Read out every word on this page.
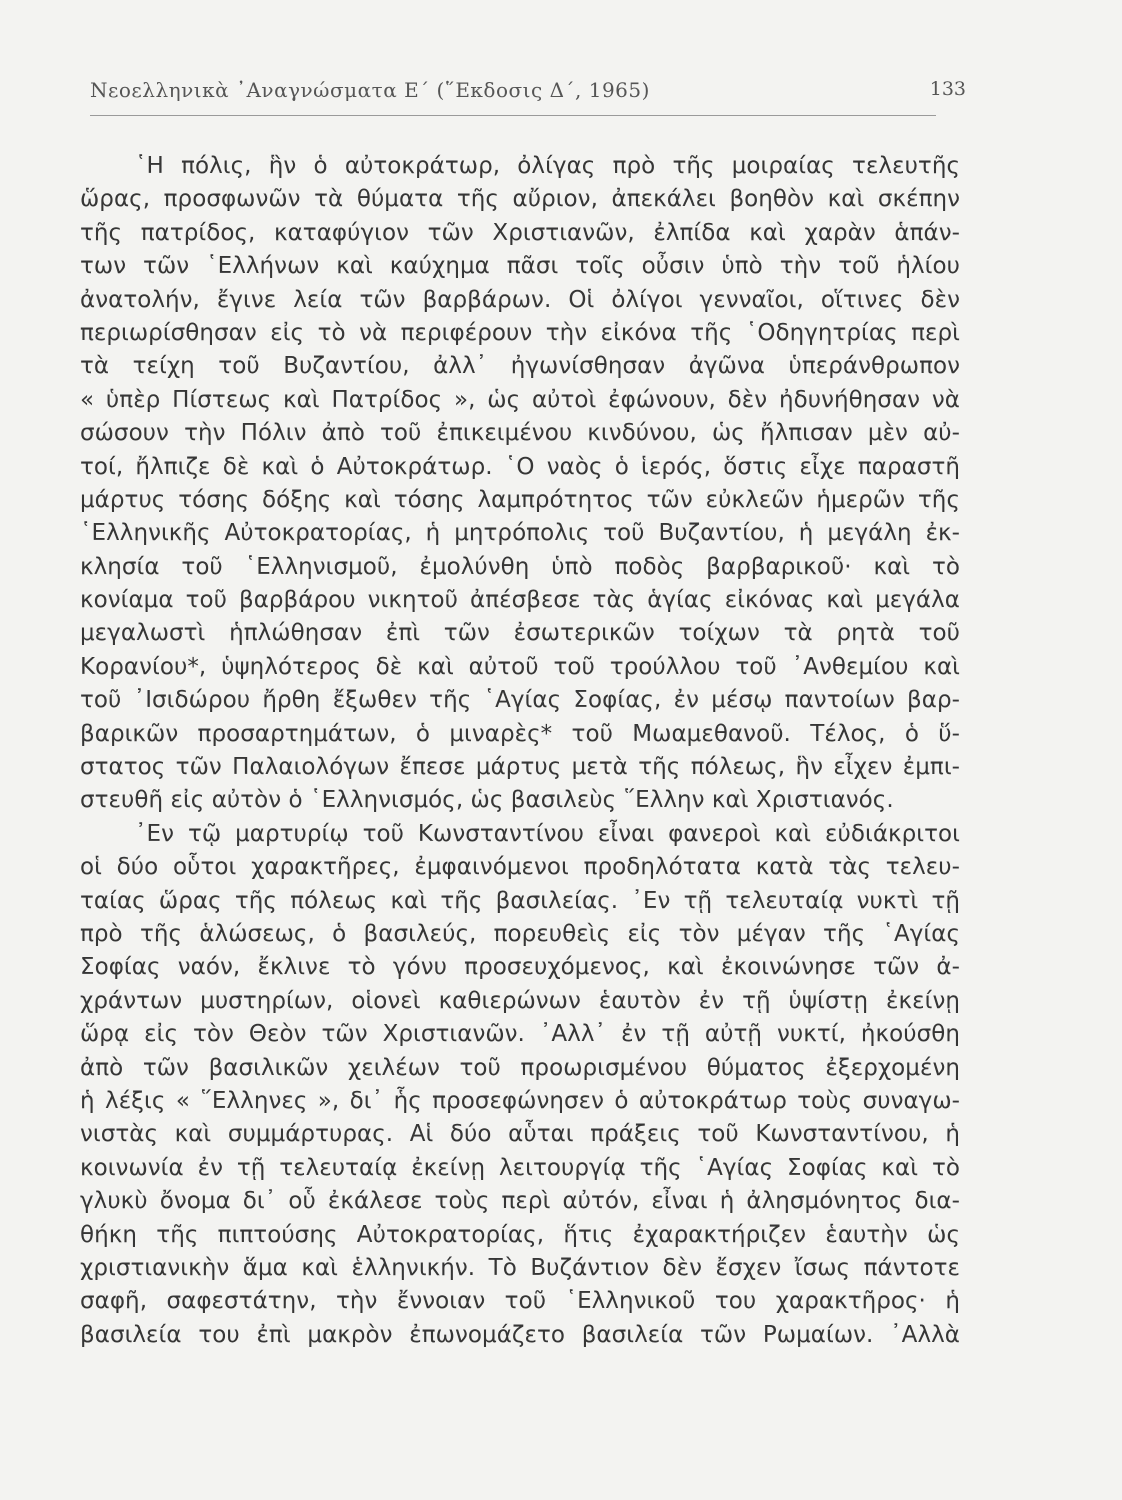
Νεοελληνικὰ ᾿Αναγνώσματα Ε΄ (῞Εκδοσις Δ΄, 1965)	133
῾Η πόλις, ἣν ὁ αὐτοκράτωρ, ὀλίγας πρὸ τῆς μοιραίας τελευτῆς
ὥρας, προσφωνῶν τὰ θύματα τῆς αὔριον, ἀπεκάλει βοηθὸν καὶ σκέπην
τῆς πατρίδος, καταφύγιον τῶν Χριστιανῶν, ἐλπίδα καὶ χαρὰν ἁπάν-
των τῶν ῾Ελλήνων καὶ καύχημα πᾶσι τοῖς οὖσιν ὑπὸ τὴν τοῦ ἡλίου
ἀνατολήν, ἔγινε λεία τῶν βαρβάρων. Οἱ ὀλίγοι γενναῖοι, οἵτινες δὲν
περιωρίσθησαν εἰς τὸ νὰ περιφέρουν τὴν εἰκόνα τῆς ῾Οδηγητρίας περὶ
τὰ τείχη τοῦ Βυζαντίου, ἀλλ᾿ ἠγωνίσθησαν ἀγῶνα ὑπεράνθρωπον
« ὑπὲρ Πίστεως καὶ Πατρίδος », ὡς αὐτοὶ ἐφώνουν, δὲν ἠδυνήθησαν νὰ
σώσουν τὴν Πόλιν ἀπὸ τοῦ ἐπικειμένου κινδύνου, ὡς ἤλπισαν μὲν αὐ-
τοί, ἤλπιζε δὲ καὶ ὁ Αὐτοκράτωρ. ῾Ο ναὸς ὁ ἱερός, ὅστις εἶχε παραστῆ
μάρτυς τόσης δόξης καὶ τόσης λαμπρότητος τῶν εὐκλεῶν ἡμερῶν τῆς
῾Ελληνικῆς Αὐτοκρατορίας, ἡ μητρόπολις τοῦ Βυζαντίου, ἡ μεγάλη ἐκ-
κλησία τοῦ ῾Ελληνισμοῦ, ἐμολύνθη ὑπὸ ποδὸς βαρβαρικοῦ· καὶ τὸ
κονίαμα τοῦ βαρβάρου νικητοῦ ἀπέσβεσε τὰς ἁγίας εἰκόνας καὶ μεγάλα
μεγαλωστὶ ἡπλώθησαν ἐπὶ τῶν ἐσωτερικῶν τοίχων τὰ ρητὰ τοῦ
Κορανίου*, ὑψηλότερος δὲ καὶ αὐτοῦ τοῦ τρούλλου τοῦ ᾿Ανθεμίου καὶ
τοῦ ᾿Ισιδώρου ἤρθη ἔξωθεν τῆς ῾Αγίας Σοφίας, ἐν μέσῳ παντοίων βαρ-
βαρικῶν προσαρτημάτων, ὁ μιναρὲς* τοῦ Μωαμεθανοῦ. Τέλος, ὁ ὕ-
στατος τῶν Παλαιολόγων ἔπεσε μάρτυς μετὰ τῆς πόλεως, ἣν εἶχεν ἐμπι-
στευθῆ εἰς αὐτὸν ὁ ῾Ελληνισμός, ὡς βασιλεὺς ῞Ελλην καὶ Χριστιανός.
᾿Εν τῷ μαρτυρίῳ τοῦ Κωνσταντίνου εἶναι φανεροὶ καὶ εὐδιάκριτοι
οἱ δύο οὗτοι χαρακτῆρες, ἐμφαινόμενοι προδηλότατα κατὰ τὰς τελευ-
ταίας ὥρας τῆς πόλεως καὶ τῆς βασιλείας. ᾿Εν τῇ τελευταίᾳ νυκτὶ τῇ
πρὸ τῆς ἁλώσεως, ὁ βασιλεύς, πορευθεὶς εἰς τὸν μέγαν τῆς ῾Αγίας
Σοφίας ναόν, ἔκλινε τὸ γόνυ προσευχόμενος, καὶ ἐκοινώνησε τῶν ἀ-
χράντων μυστηρίων, οἱονεὶ καθιερώνων ἑαυτὸν ἐν τῇ ὑψίστῃ ἐκείνῃ
ὥρᾳ εἰς τὸν Θεὸν τῶν Χριστιανῶν. ᾿Αλλ᾿ ἐν τῇ αὐτῇ νυκτί, ἠκούσθη
ἀπὸ τῶν βασιλικῶν χειλέων τοῦ προωρισμένου θύματος ἐξερχομένη
ἡ λέξις « ῞Ελληνες », δι᾿ ἧς προσεφώνησεν ὁ αὐτοκράτωρ τοὺς συναγω-
νιστὰς καὶ συμμάρτυρας. Αἱ δύο αὗται πράξεις τοῦ Κωνσταντίνου, ἡ
κοινωνία ἐν τῇ τελευταίᾳ ἐκείνῃ λειτουργίᾳ τῆς ῾Αγίας Σοφίας καὶ τὸ
γλυκὺ ὄνομα δι᾿ οὗ ἐκάλεσε τοὺς περὶ αὐτόν, εἶναι ἡ ἀλησμόνητος δια-
θήκη τῆς πιπτούσης Αὐτοκρατορίας, ἥτις ἐχαρακτήριζεν ἑαυτὴν ὡς
χριστιανικὴν ἅμα καὶ ἑλληνικήν. Τὸ Βυζάντιον δὲν ἔσχεν ἴσως πάντοτε
σαφῆ, σαφεστάτην, τὴν ἔννοιαν τοῦ ῾Ελληνικοῦ του χαρακτῆρος· ἡ
βασιλεία του ἐπὶ μακρὸν ἐπωνομάζετο βασιλεία τῶν Ρωμαίων. ᾿Αλλὰ
